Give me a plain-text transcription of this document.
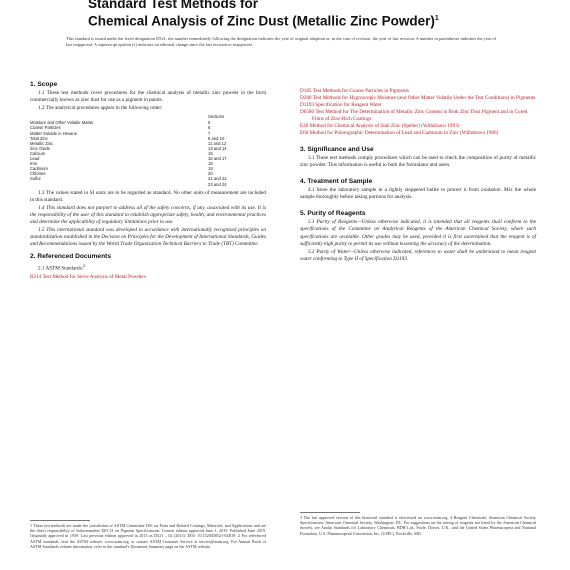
Standard Test Methods for
Chemical Analysis of Zinc Dust (Metallic Zinc Powder)$^1$
This standard is issued under the fixed designation D521; the number immediately following the designation indicates the year of original adoption or, in the case of revision, the year of last revision. A number in parentheses indicates the year of last reapproval. A superscript epsilon (ε) indicates an editorial change since the last revision or reapproval.
1. Scope

1.1 These test methods cover procedures for the chemical analysis of metallic zinc powder in the form commercially known as zinc dust for use as a pigment in paints.

1.2 The analytical procedures appear in the following order:

	Sections
Moisture and Other Volatile Matter	5
Coarse Particles	6
Matter Soluble in Hexane	7
Total Zinc	8 and 10
Metallic Zinc	11 and 12
Zinc Oxide	13 and 14
Calcium	15
Lead	16 and 17
Iron	18
Cadmium	19
Chlorine	20
Sulfur	21 and 22
	23 and 24

1.3 The values stated in SI units are to be regarded as standard. No other units of measurement are included in this standard.

1.4 This standard does not purport to address all of the safety concerns, if any, associated with its use. It is the responsibility of the user of this standard to establish appropriate safety, health, and environmental practices and determine the applicability of regulatory limitations prior to use.

1.5 This international standard was developed in accordance with internationally recognized principles on standardization established in the Decision on Principles for the Development of International Standards, Guides and Recommendations issued by the World Trade Organization Technical Barriers to Trade (TBT) Committee.

2. Referenced Documents

2.1 ASTM Standards:$^2$

B214 Test Method for Sieve Analysis of Metal Powders
D185 Test Methods for Coarse Particles in Pigments
D280 Test Methods for Hygroscopic Moisture (and Other Matter Volatile Under the Test Conditions) in Pigments
D1193 Specification for Reagent Water
D6580 Test Method for The Determination of Metallic Zinc Content in Both Zinc Dust Pigment and in Cured Films of Zinc-Rich Coatings
E40 Method for Chemical Analysis of Slab Zinc (Spelter) (Withdrawn 1993)
E60 Method for Polarographic Determination of Lead and Cadmium in Zinc (Withdrawn 1986)
3. Significance and Use

3.1 These test methods comply procedures which can be used to check the composition of purity of metallic zinc powder. This information is useful to both the formulator and users.

4. Treatment of Sample

4.1 Store the laboratory sample in a tightly stoppered bottle to protect it from oxidation. Mix the whole sample thoroughly before taking portions for analysis.

5. Purity of Reagents

5.1 Purity of Reagents—Unless otherwise indicated, it is intended that all reagents shall conform to the specifications of the Committee on Analytical Reagents of the American Chemical Society, where such specifications are available. Other grades may be used, provided it is first ascertained that the reagent is of sufficiently high purity to permit its use without lessening the accuracy of the determination.

5.2 Purity of Water—Unless otherwise indicated, references to water shall be understood to mean reagent water conforming to Type II of Specification D1193.

1 These test methods are under the jurisdiction of ASTM Committee D01 on Paint and Related Coatings, Materials, and Applications and are the direct responsibility of Subcommittee D01.31 on Pigment Specifications. Current edition approved June 1, 2019. Published June 2019. Originally approved in 1939. Last previous edition approved in 2013 as D521 – 02 (2013). DOI: 10.1520/D0521-02R19. 2 For referenced ASTM standards, visit the ASTM website, www.astm.org, or contact ASTM Customer Service at service@astm.org. For Annual Book of ASTM Standards volume information, refer to the standard's Document Summary page on the ASTM website.
3 The last approved version of this historical standard is referenced on www.astm.org. 4 Reagent Chemicals, American Chemical Society Specifications, American Chemical Society, Washington, DC. For suggestions on the testing of reagents not listed by the American Chemical Society, see Analar Standards for Laboratory Chemicals, BDH Ltd., Poole, Dorset, U.K., and the United States Pharmacopeia and National Formulary, U.S. Pharmacopeial Convention, Inc. (USPC), Rockville, MD.
